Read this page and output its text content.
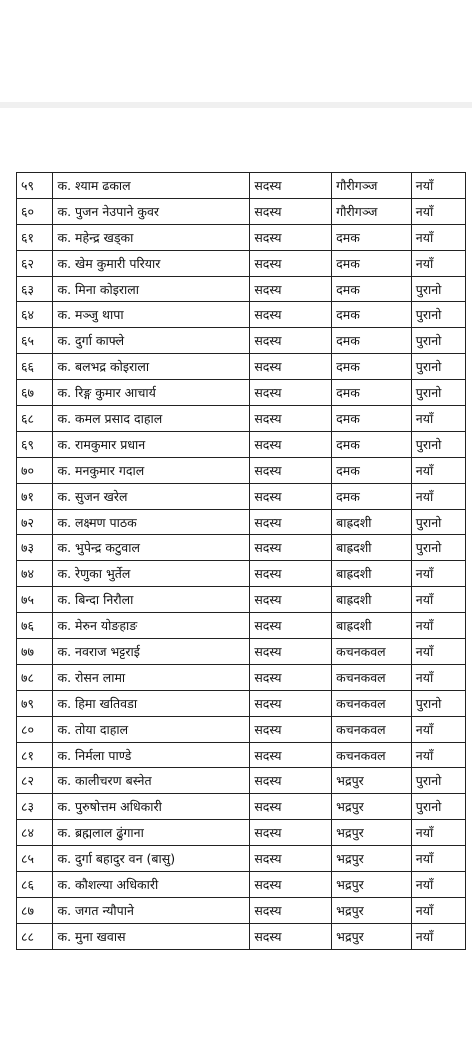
५९	क. श्याम ढकाल	सदस्य	गौरीगञ्ज	नयाँ
६०	क. पुजन नेउपाने कुवर	सदस्य	गौरीगञ्ज	नयाँ
६१	क. महेन्द्र खड्का	सदस्य	दमक	नयाँ
६२	क. खेम कुमारी परियार	सदस्य	दमक	नयाँ
६३	क. मिना कोइराला	सदस्य	दमक	पुरानो
६४	क. मञ्जु थापा	सदस्य	दमक	पुरानो
६५	क. दुर्गा काफ्ले	सदस्य	दमक	पुरानो
६६	क. बलभद्र कोइराला	सदस्य	दमक	पुरानो
६७	क. रिङ्ग कुमार आचार्य	सदस्य	दमक	पुरानो
६८	क. कमल प्रसाद दाहाल	सदस्य	दमक	नयाँ
६९	क. रामकुमार प्रधान	सदस्य	दमक	पुरानो
७०	क. मनकुमार गदाल	सदस्य	दमक	नयाँ
७१	क. सुजन खरेल	सदस्य	दमक	नयाँ
७२	क. लक्ष्मण पाठक	सदस्य	बाह्रदशी	पुरानो
७३	क. भुपेन्द्र कटुवाल	सदस्य	बाह्रदशी	पुरानो
७४	क. रेणुका भुर्तेल	सदस्य	बाह्रदशी	नयाँ
७५	क. बिन्दा निरौला	सदस्य	बाह्रदशी	नयाँ
७६	क. मेरुन योङहाङ	सदस्य	बाह्रदशी	नयाँ
७७	क. नवराज भट्टराई	सदस्य	कचनकवल	नयाँ
७८	क. रोसन लामा	सदस्य	कचनकवल	नयाँ
७९	क. हिमा खतिवडा	सदस्य	कचनकवल	पुरानो
८०	क. तोया दाहाल	सदस्य	कचनकवल	नयाँ
८१	क. निर्मला पाण्डे	सदस्य	कचनकवल	नयाँ
८२	क. कालीचरण बस्नेत	सदस्य	भद्रपुर	पुरानो
८३	क. पुरुषोत्तम अधिकारी	सदस्य	भद्रपुर	पुरानो
८४	क. ब्रह्मलाल ढुंगाना	सदस्य	भद्रपुर	नयाँ
८५	क. दुर्गा बहादुर वन (बासु)	सदस्य	भद्रपुर	नयाँ
८६	क. कौशल्या अधिकारी	सदस्य	भद्रपुर	नयाँ
८७	क. जगत न्यौपाने	सदस्य	भद्रपुर	नयाँ
८८	क. मुना खवास	सदस्य	भद्रपुर	नयाँ
